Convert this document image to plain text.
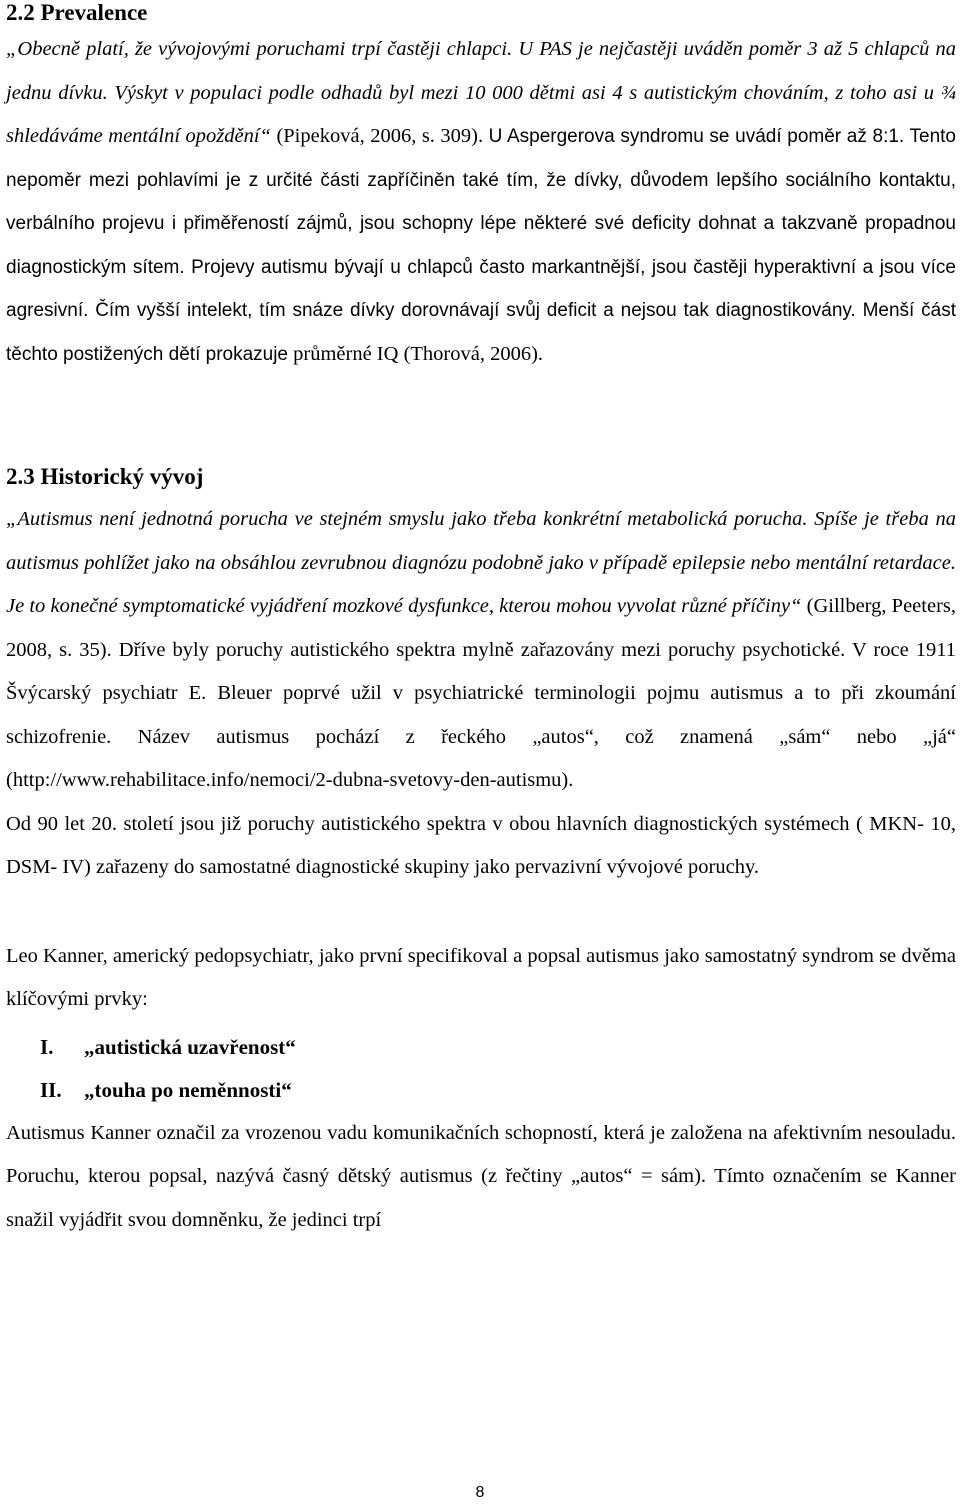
2.2 Prevalence

„Obecně platí, že vývojovými poruchami trpí častěji chlapci. U PAS je nejčastěji uváděn poměr 3 až 5 chlapců na jednu dívku. Výskyt v populaci podle odhadů byl mezi 10 000 dětmi asi 4 s autistickým chováním, z toho asi u ¾ shledáváme mentální opoždění“ (Pipeková, 2006, s. 309). U Aspergerova syndromu se uvádí poměr až 8:1. Tento nepoměr mezi pohlavími je z určité části zapříčiněn také tím, že dívky, důvodem lepšího sociálního kontaktu, verbálního projevu i přiměřeností zájmů, jsou schopny lépe některé své deficity dohnat a takzvaně propadnou diagnostickým sítem. Projevy autismu bývají u chlapců často markantnější, jsou častěji hyperaktivní a jsou více agresivní. Čím vyšší intelekt, tím snáze dívky dorovnávají svůj deficit a nejsou tak diagnostikovány. Menší část těchto postižených dětí prokazuje průměrné IQ (Thorová, 2006).

2.3 Historický vývoj

„Autismus není jednotná porucha ve stejném smyslu jako třeba konkrétní metabolická porucha. Spíše je třeba na autismus pohlížet jako na obsáhlou zevrubnou diagnózu podobně jako v případě epilepsie nebo mentální retardace. Je to konečné symptomatické vyjádření mozkové dysfunkce, kterou mohou vyvolat různé příčiny“ (Gillberg, Peeters, 2008, s. 35). Dříve byly poruchy autistického spektra mylně zařazovány mezi poruchy psychotické. V roce 1911 Švýcarský psychiatr E. Bleuer poprvé užil v psychiatrické terminologii pojmu autismus a to při zkoumání schizofrenie. Název autismus pochází z řeckého „autos“, což znamená „sám“ nebo „já“ (http://www.rehabilitace.info/nemoci/2-dubna-svetovy-den-autismu).

Od 90 let 20. století jsou již poruchy autistického spektra v obou hlavních diagnostických systémech ( MKN- 10, DSM- IV) zařazeny do samostatné diagnostické skupiny jako pervazivní vývojové poruchy.

Leo Kanner, americký pedopsychiatr, jako první specifikoval a popsal autismus jako samostatný syndrom se dvěma klíčovými prvky:

I. „autistická uzavřenost“

II. „touha po neměnnosti“

Autismus Kanner označil za vrozenou vadu komunikačních schopností, která je založena na afektivním nesouladu. Poruchu, kterou popsal, nazývá časný dětský autismus (z řečtiny „autos“ = sám). Tímto označením se Kanner snažil vyjádřit svou domněnku, že jedinci trpí

8
